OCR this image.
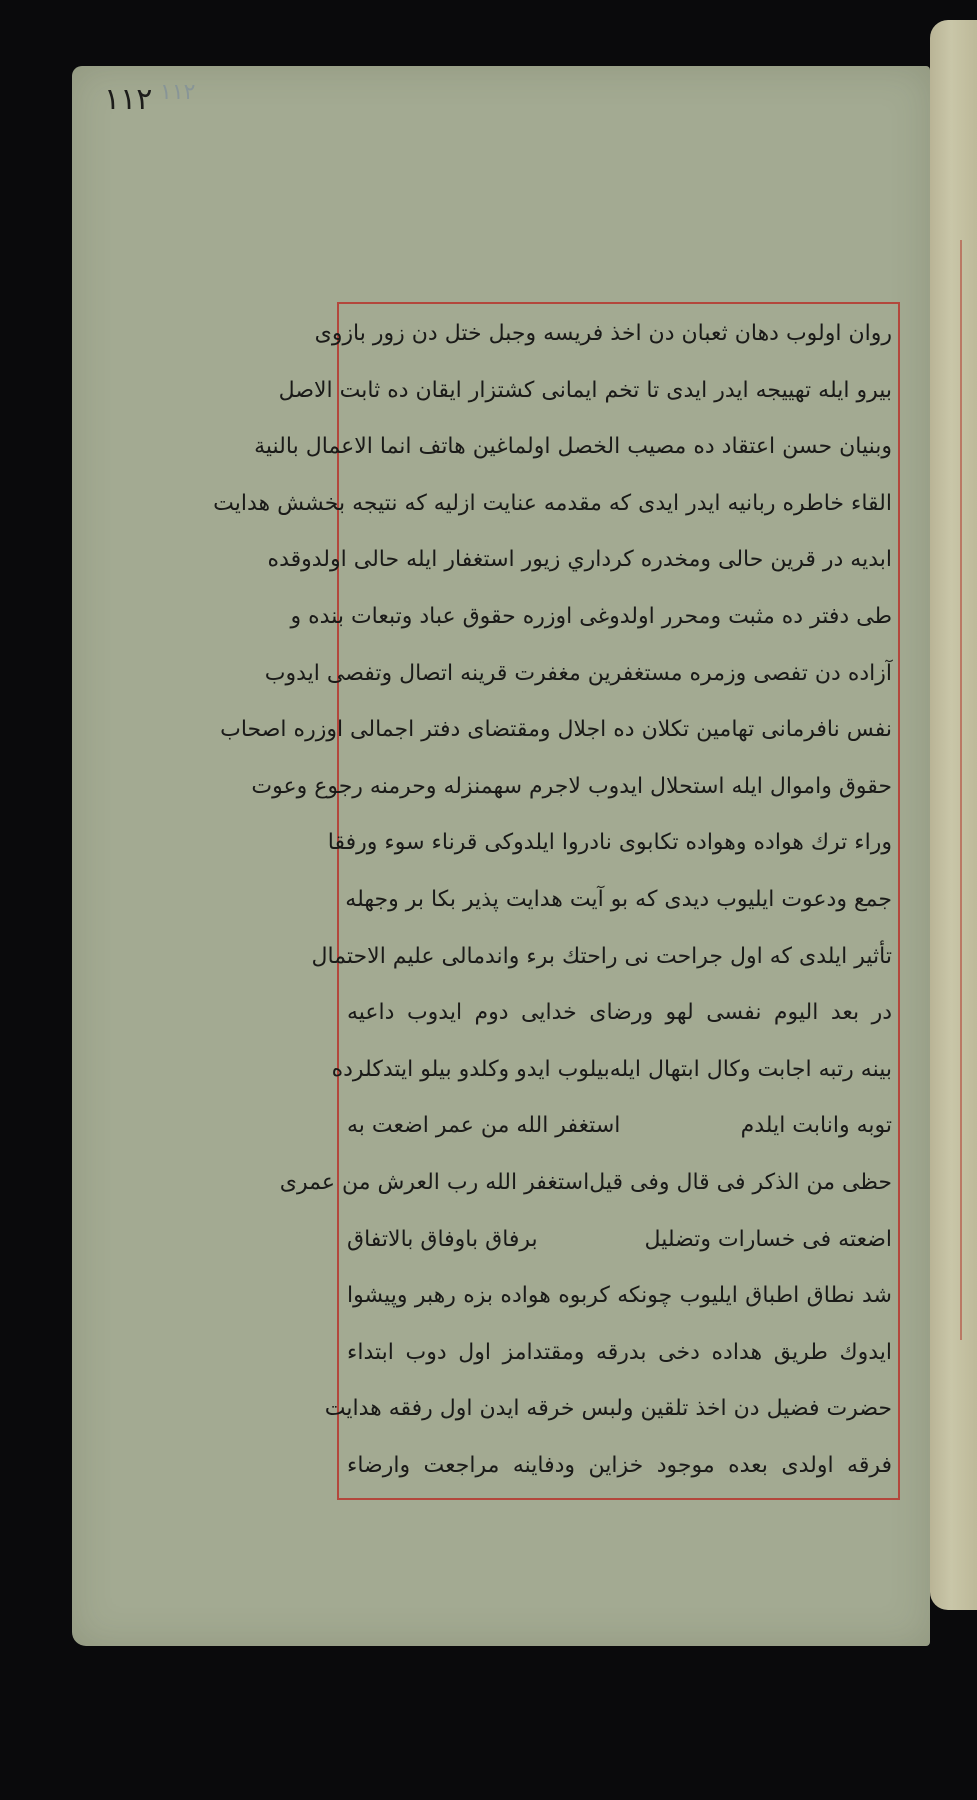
١١٢
١١٢
روان اولوب دهان ثعبان دن اخذ فريسه وجبل ختل دن زور بازوى
بيرو ايله تهييجه ايدر ايدى تا تخم ايمانى كشتزار ايقان ده ثابت الاصل
وبنيان حسن اعتقاد ده مصيب الخصل اولماغين هاتف انما الاعمال بالنية
القاء خاطره ربانيه ايدر ايدى كه مقدمه عنايت ازليه كه نتيجه بخشش هدايت
ابديه در قرين حالى ومخدره كرداري زيور استغفار ايله حالى اولدوقده
طى دفتر ده مثبت ومحرر اولدوغى اوزره حقوق عباد وتبعات بنده و
آزاده دن تفصى وزمره مستغفرين مغفرت قرينه اتصال وتفصى ايدوب
نفس نافرمانى تهامين تكلان ده اجلال ومقتضاى دفتر اجمالى اوزره اصحاب
حقوق واموال ايله استحلال ايدوب لاجرم سهمنزله وحرمنه رجوع وعوت
وراء ترك هواده وهواده تكابوى نادروا ايلدوكى قرناء سوء ورفقا
جمع ودعوت ايليوب ديدى كه بو آيت هدايت پذير بكا بر وجهله
تأثير ايلدى كه اول جراحت نى راحتك برء واندمالى عليم الاحتمال
در بعد اليوم نفسى لهو ورضاى خدايى دوم ايدوب داعيه
بينه رتبه اجابت وكال ابتهال ايله
بيلوب ايدو وكلدو بيلو ايتدكلرده
توبه وانابت ايلدم
استغفر الله من عمر اضعت به
حظى من الذكر فى قال وفى قيل
استغفر الله رب العرش من عمرى
اضعته فى خسارات وتضليل
برفاق باوفاق بالاتفاق
شد نطاق اطباق ايليوب چونكه كربوه هواده بزه رهبر وپيشوا
ايدوك طريق هداده دخى بدرقه ومقتدامز اول دوب ابتداء
حضرت فضيل دن اخذ تلقين ولبس خرقه ايدن اول رفقه هدايت
فرقه اولدى بعده موجود خزاين ودفاينه مراجعت وارضاء
